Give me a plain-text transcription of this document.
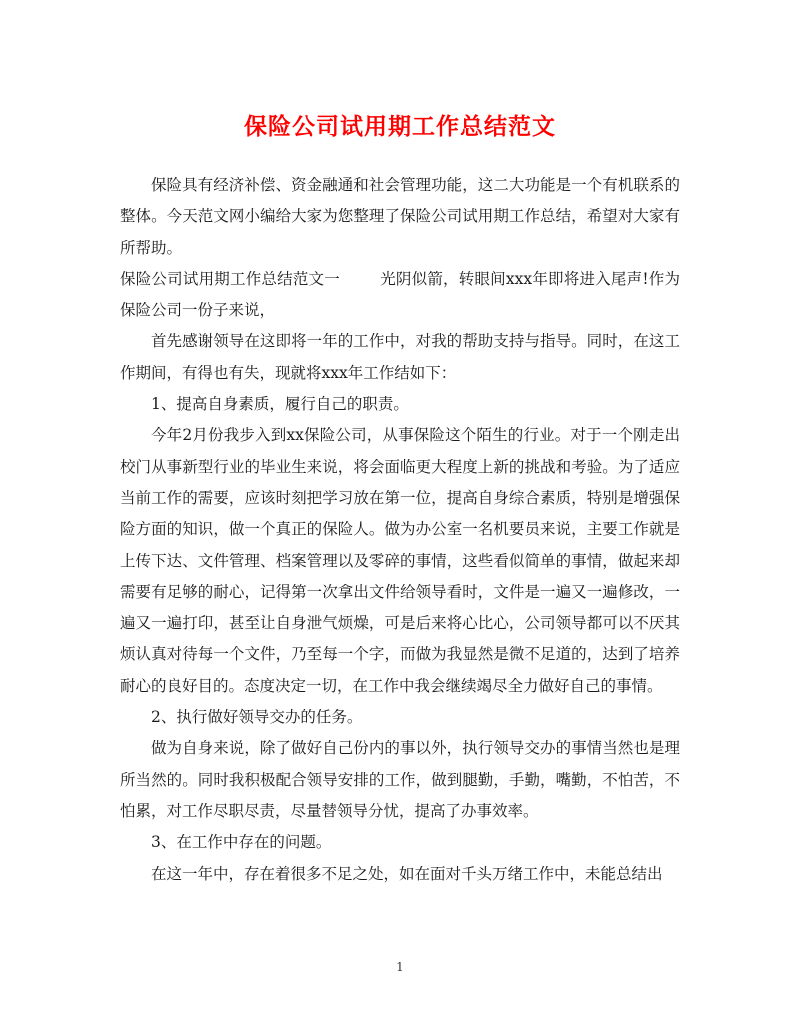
保险公司试用期工作总结范文

保险具有经济补偿、资金融通和社会管理功能，这二大功能是一个有机联系的整体。今天范文网小编给大家为您整理了保险公司试用期工作总结，希望对大家有所帮助。

保险公司试用期工作总结范文一	光阴似箭，转眼间xxx年即将进入尾声!作为保险公司一份子来说，

首先感谢领导在这即将一年的工作中，对我的帮助支持与指导。同时，在这工作期间，有得也有失，现就将xxx年工作结如下：

1、提高自身素质，履行自己的职责。

今年2月份我步入到xx保险公司，从事保险这个陌生的行业。对于一个刚走出校门从事新型行业的毕业生来说，将会面临更大程度上新的挑战和考验。为了适应当前工作的需要，应该时刻把学习放在第一位，提高自身综合素质，特别是增强保险方面的知识，做一个真正的保险人。做为办公室一名机要员来说，主要工作就是上传下达、文件管理、档案管理以及零碎的事情，这些看似简单的事情，做起来却需要有足够的耐心，记得第一次拿出文件给领导看时，文件是一遍又一遍修改，一遍又一遍打印，甚至让自身泄气烦燥，可是后来将心比心，公司领导都可以不厌其烦认真对待每一个文件，乃至每一个字，而做为我显然是微不足道的，达到了培养耐心的良好目的。态度决定一切，在工作中我会继续竭尽全力做好自己的事情。

2、执行做好领导交办的任务。

做为自身来说，除了做好自己份内的事以外，执行领导交办的事情当然也是理所当然的。同时我积极配合领导安排的工作，做到腿勤，手勤，嘴勤，不怕苦，不怕累，对工作尽职尽责，尽量替领导分忧，提高了办事效率。

3、在工作中存在的问题。

在这一年中，存在着很多不足之处，如在面对千头万绪工作中，未能总结出

1
